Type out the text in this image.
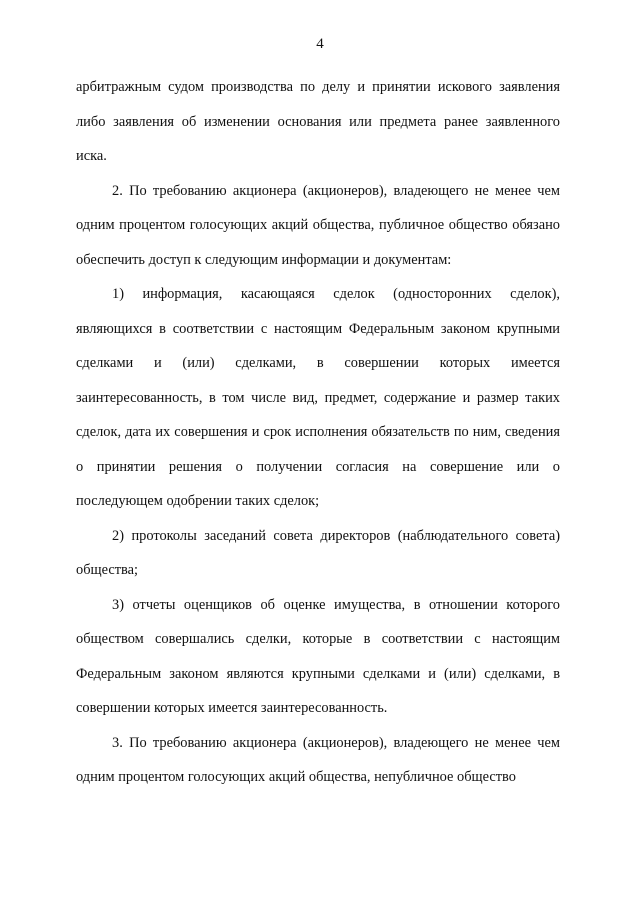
4

арбитражным судом производства по делу и принятии искового заявления либо заявления об изменении основания или предмета ранее заявленного иска.

2. По требованию акционера (акционеров), владеющего не менее чем одним процентом голосующих акций общества, публичное общество обязано обеспечить доступ к следующим информации и документам:

1) информация, касающаяся сделок (односторонних сделок), являющихся в соответствии с настоящим Федеральным законом крупными сделками и (или) сделками, в совершении которых имеется заинтересованность, в том числе вид, предмет, содержание и размер таких сделок, дата их совершения и срок исполнения обязательств по ним, сведения о принятии решения о получении согласия на совершение или о последующем одобрении таких сделок;

2) протоколы заседаний совета директоров (наблюдательного совета) общества;

3) отчеты оценщиков об оценке имущества, в отношении которого обществом совершались сделки, которые в соответствии с настоящим Федеральным законом являются крупными сделками и (или) сделками, в совершении которых имеется заинтересованность.

3. По требованию акционера (акционеров), владеющего не менее чем одним процентом голосующих акций общества, непубличное общество
